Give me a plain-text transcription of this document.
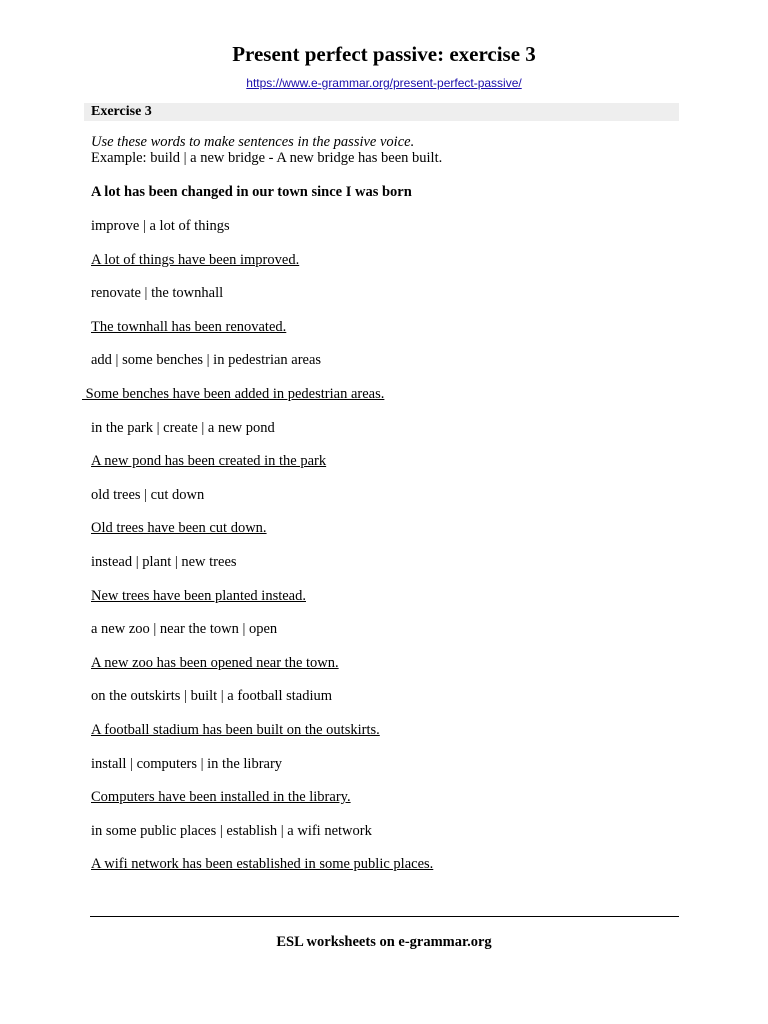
Present perfect passive: exercise 3
https://www.e-grammar.org/present-perfect-passive/
Exercise 3
Use these words to make sentences in the passive voice.
Example: build | a new bridge - A new bridge has been built.
A lot has been changed in our town since I was born
improve | a lot of things
A lot of things have been improved.
renovate | the townhall
The townhall has been renovated.
add | some benches | in pedestrian areas
Some benches have been added in pedestrian areas.
in the park | create | a new pond
A new pond has been created in the park
old trees | cut down
Old trees have been cut down.
instead | plant | new trees
New trees have been planted instead.
a new zoo | near the town | open
A new zoo has been opened near the town.
on the outskirts | built | a football stadium
A football stadium has been built on the outskirts.
install | computers | in the library
Computers have been installed in the library.
in some public places | establish | a wifi network
A wifi network has been established in some public places.
ESL worksheets on e-grammar.org
